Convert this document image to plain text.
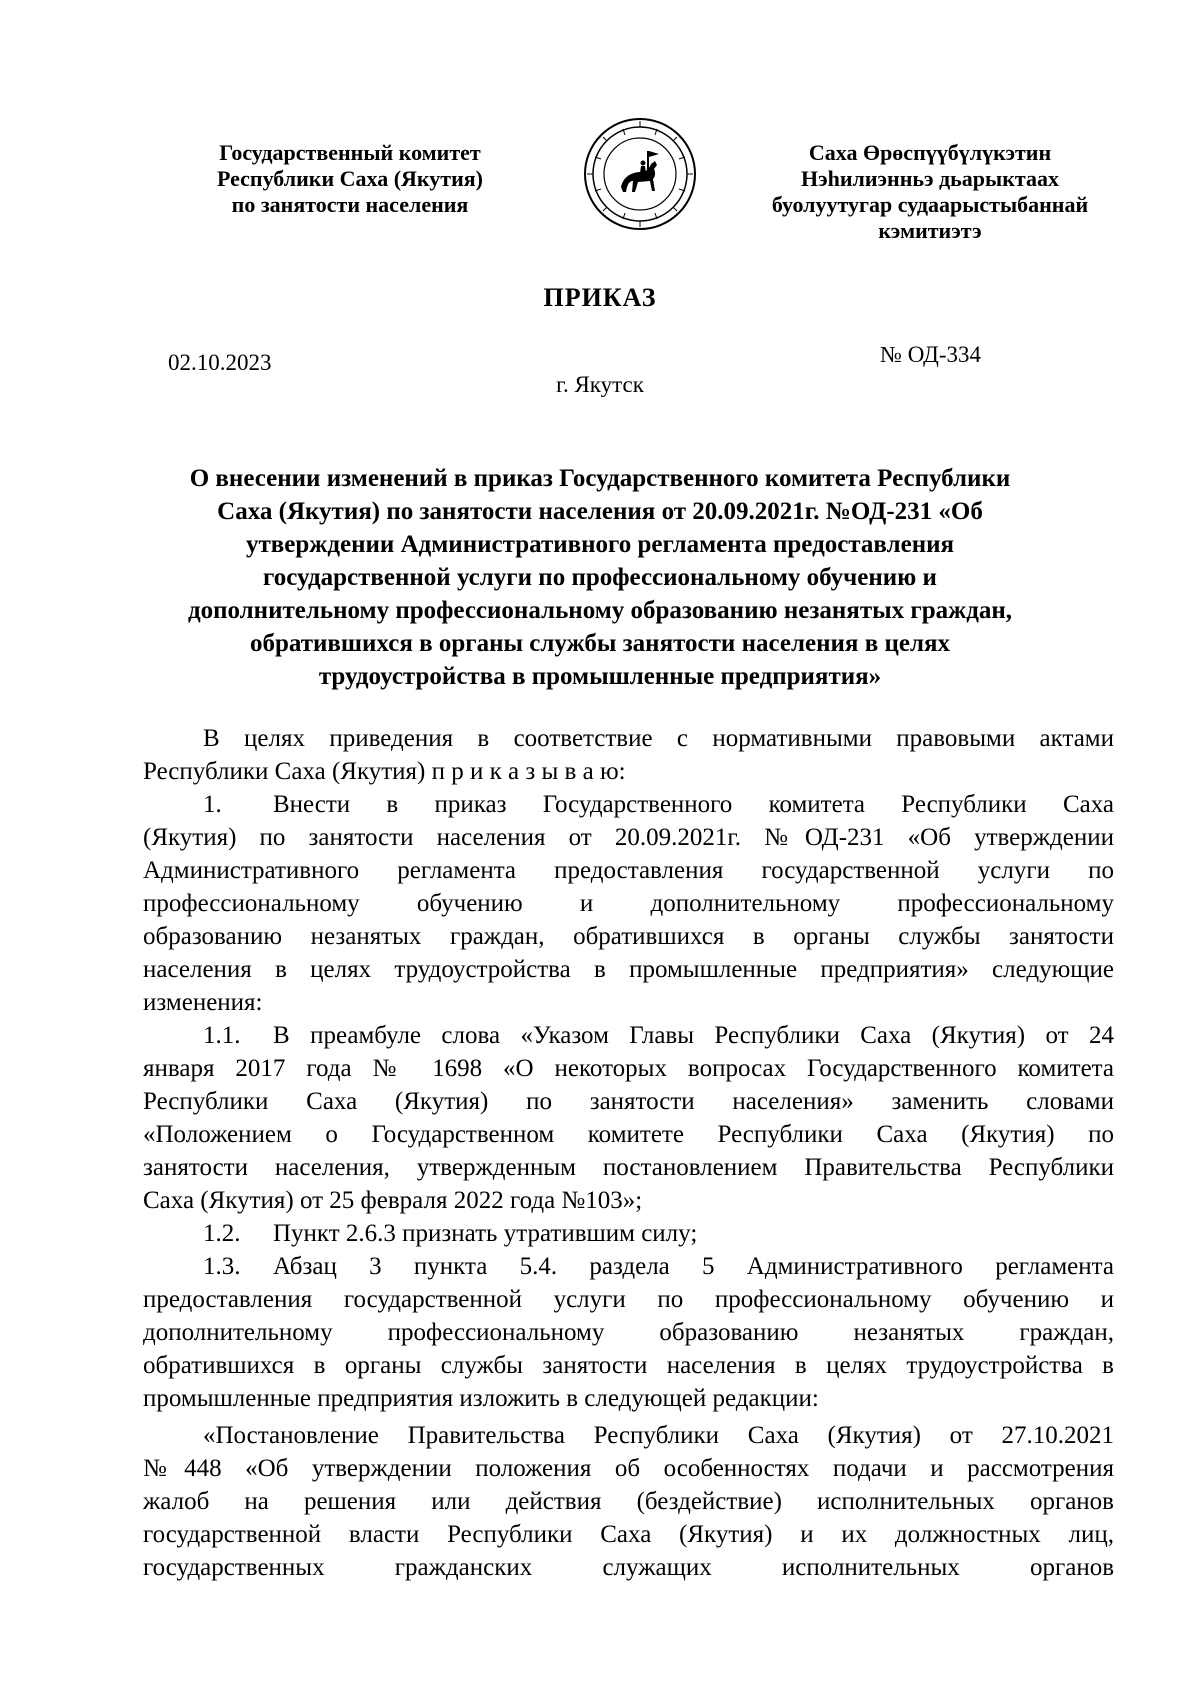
Государственный комитет
Республики Саха (Якутия)
по занятости населения
Саха Өрөспүүбүлүкэтин
Нэһилиэнньэ дьарыктаах
буолуутугар судаарыстыбаннай
кэмитиэтэ
ПРИКАЗ
02.10.2023	№ ОД-334
г. Якутск
О внесении изменений в приказ Государственного комитета Республики
Саха (Якутия) по занятости населения от 20.09.2021г. №ОД-231 «Об
утверждении Административного регламента предоставления
государственной услуги по профессиональному обучению и
дополнительному профессиональному образованию незанятых граждан,
обратившихся в органы службы занятости населения в целях
трудоустройства в промышленные предприятия»
В целях приведения в соответствие с нормативными правовыми актами
Республики Саха (Якутия) п р и к а з ы в а ю:
1.	Внести в приказ Государственного комитета Республики Саха
(Якутия) по занятости населения от 20.09.2021г. №ОД-231 «Об утверждении
Административного регламента предоставления государственной услуги по
профессиональному обучению и дополнительному профессиональному
образованию незанятых граждан, обратившихся в органы службы занятости
населения в целях трудоустройства в промышленные предприятия» следующие
изменения:
1.1.	В преамбуле слова «Указом Главы Республики Саха (Якутия) от 24
января 2017 года № 1698 «О некоторых вопросах Государственного комитета
Республики Саха (Якутия) по занятости населения» заменить словами
«Положением о Государственном комитете Республики Саха (Якутия) по
занятости населения, утвержденным постановлением Правительства Республики
Саха (Якутия) от 25 февраля 2022 года №103»;
1.2.	Пункт 2.6.3 признать утратившим силу;
1.3.	Абзац 3 пункта 5.4. раздела 5 Административного регламента
предоставления государственной услуги по профессиональному обучению и
дополнительному профессиональному образованию незанятых граждан,
обратившихся в органы службы занятости населения в целях трудоустройства в
промышленные предприятия изложить в следующей редакции:
«Постановление Правительства Республики Саха (Якутия) от 27.10.2021
№448 «Об утверждении положения об особенностях подачи и рассмотрения
жалоб на решения или действия (бездействие) исполнительных органов
государственной власти Республики Саха (Якутия) и их должностных лиц,
государственных гражданских служащих исполнительных органов
